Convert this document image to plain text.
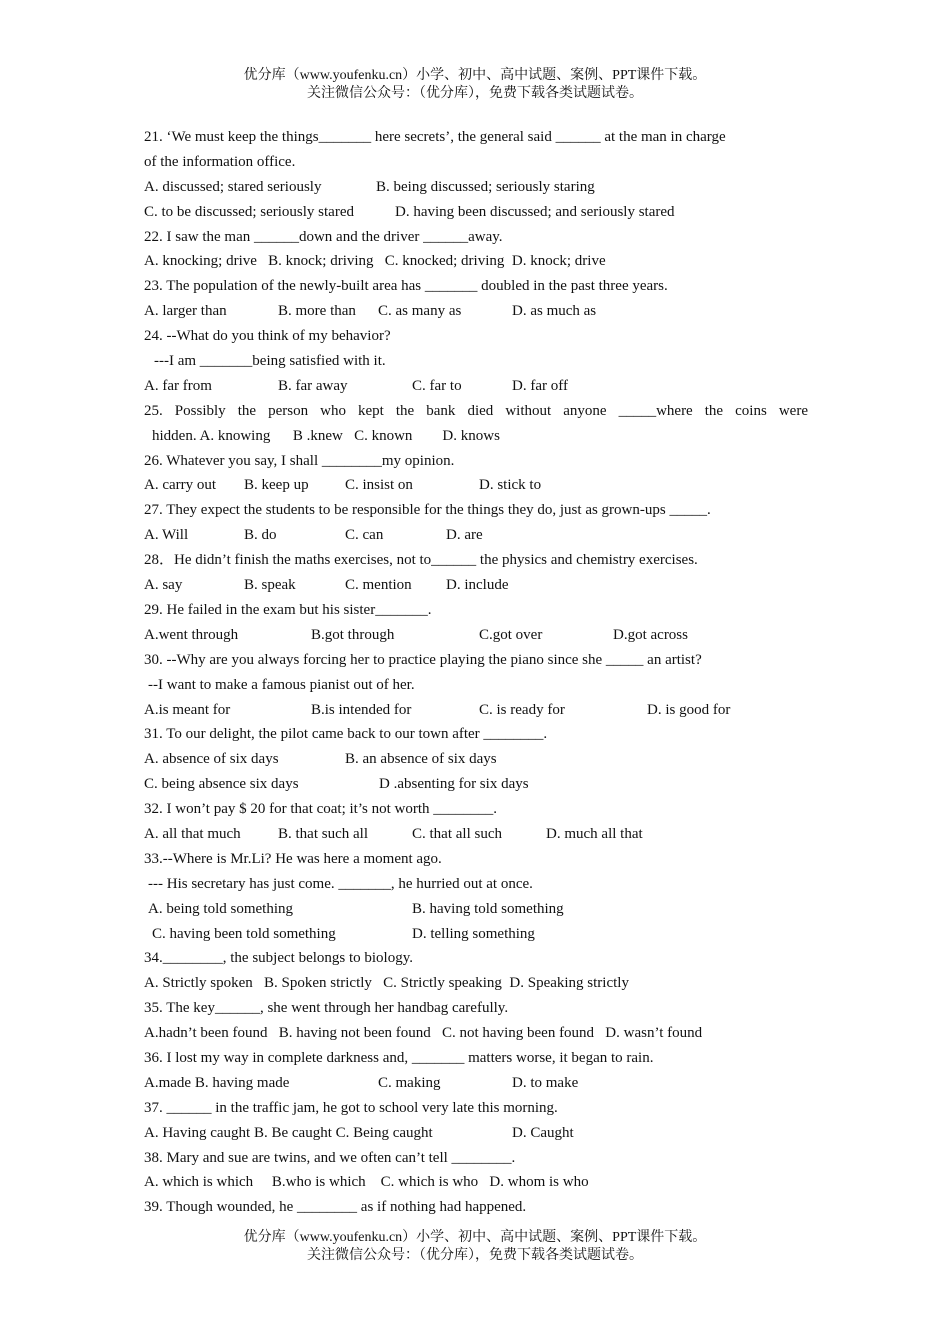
优分库（www.youfenku.cn）小学、初中、高中试题、案例、PPT课件下载。
关注微信公众号：（优分库），免费下载各类试题试卷。
21. ‘We must keep the things_______ here secrets’, the general said ______ at the man in charge
of the information office.
A. discussed; stared seriously	B. being discussed; seriously staring
C. to be discussed; seriously stared	D. having been discussed; and seriously stared
22. I saw the man ______down and the driver ______away.
A. knocking; drive   B. knock; driving   C. knocked; driving  D. knock; drive
23. The population of the newly-built area has _______ doubled in the past three years.
A. larger than	B. more than C. as many as	D. as much as
24. --What do you think of my behavior?
---I am _______being satisfied with it.
A. far from	B. far away	C. far to	D. far off
25. Possibly the person who kept the bank died without anyone _____where the coins were
hidden. A. knowing      B .knew   C. known        D. knows
26. Whatever you say, I shall ________my opinion.
A. carry out B. keep up C. insist on	D. stick to
27. They expect the students to be responsible for the things they do, just as grown-ups _____.
A. Will	B. do	C. can	D. are
28．He didn’t finish the maths exercises, not to______ the physics and chemistry exercises.
A. say	B. speak	C. mention D. include
29. He failed in the exam but his sister_______.
A.went through	B.got through	C.got over	D.got across
30. --Why are you always forcing her to practice playing the piano since she _____ an artist?
--I want to make a famous pianist out of her.
A.is meant for	B.is intended for	C. is ready for	D. is good for
31. To our delight, the pilot came back to our town after ________.
A. absence of six days	B. an absence of six days
C. being absence six days	D .absenting for six days
32. I won’t pay $ 20 for that coat; it’s not worth ________.
A. all that much B. that such all	C. that all such	D. much all that
33.--Where is Mr.Li? He was here a moment ago.
--- His secretary has just come. _______, he hurried out at once.
A. being told something	B. having told something
C. having been told something	D. telling something
34.________, the subject belongs to biology.
A. Strictly spoken   B. Spoken strictly   C. Strictly speaking  D. Speaking strictly
35. The key______, she went through her handbag carefully.
A.hadn’t been found   B. having not been found   C. not having been found   D. wasn’t found
36. I lost my way in complete darkness and, _______ matters worse, it began to rain.
A.made B. having made	C. making	D. to make
37. ______ in the traffic jam, he got to school very late this morning.
A. Having caught B. Be caught C. Being caught	D. Caught
38. Mary and sue are twins, and we often can’t tell ________.
A. which is which     B.who is which    C. which is who   D. whom is who
39. Though wounded, he ________ as if nothing had happened.
优分库（www.youfenku.cn）小学、初中、高中试题、案例、PPT课件下载。
关注微信公众号：（优分库），免费下载各类试题试卷。
